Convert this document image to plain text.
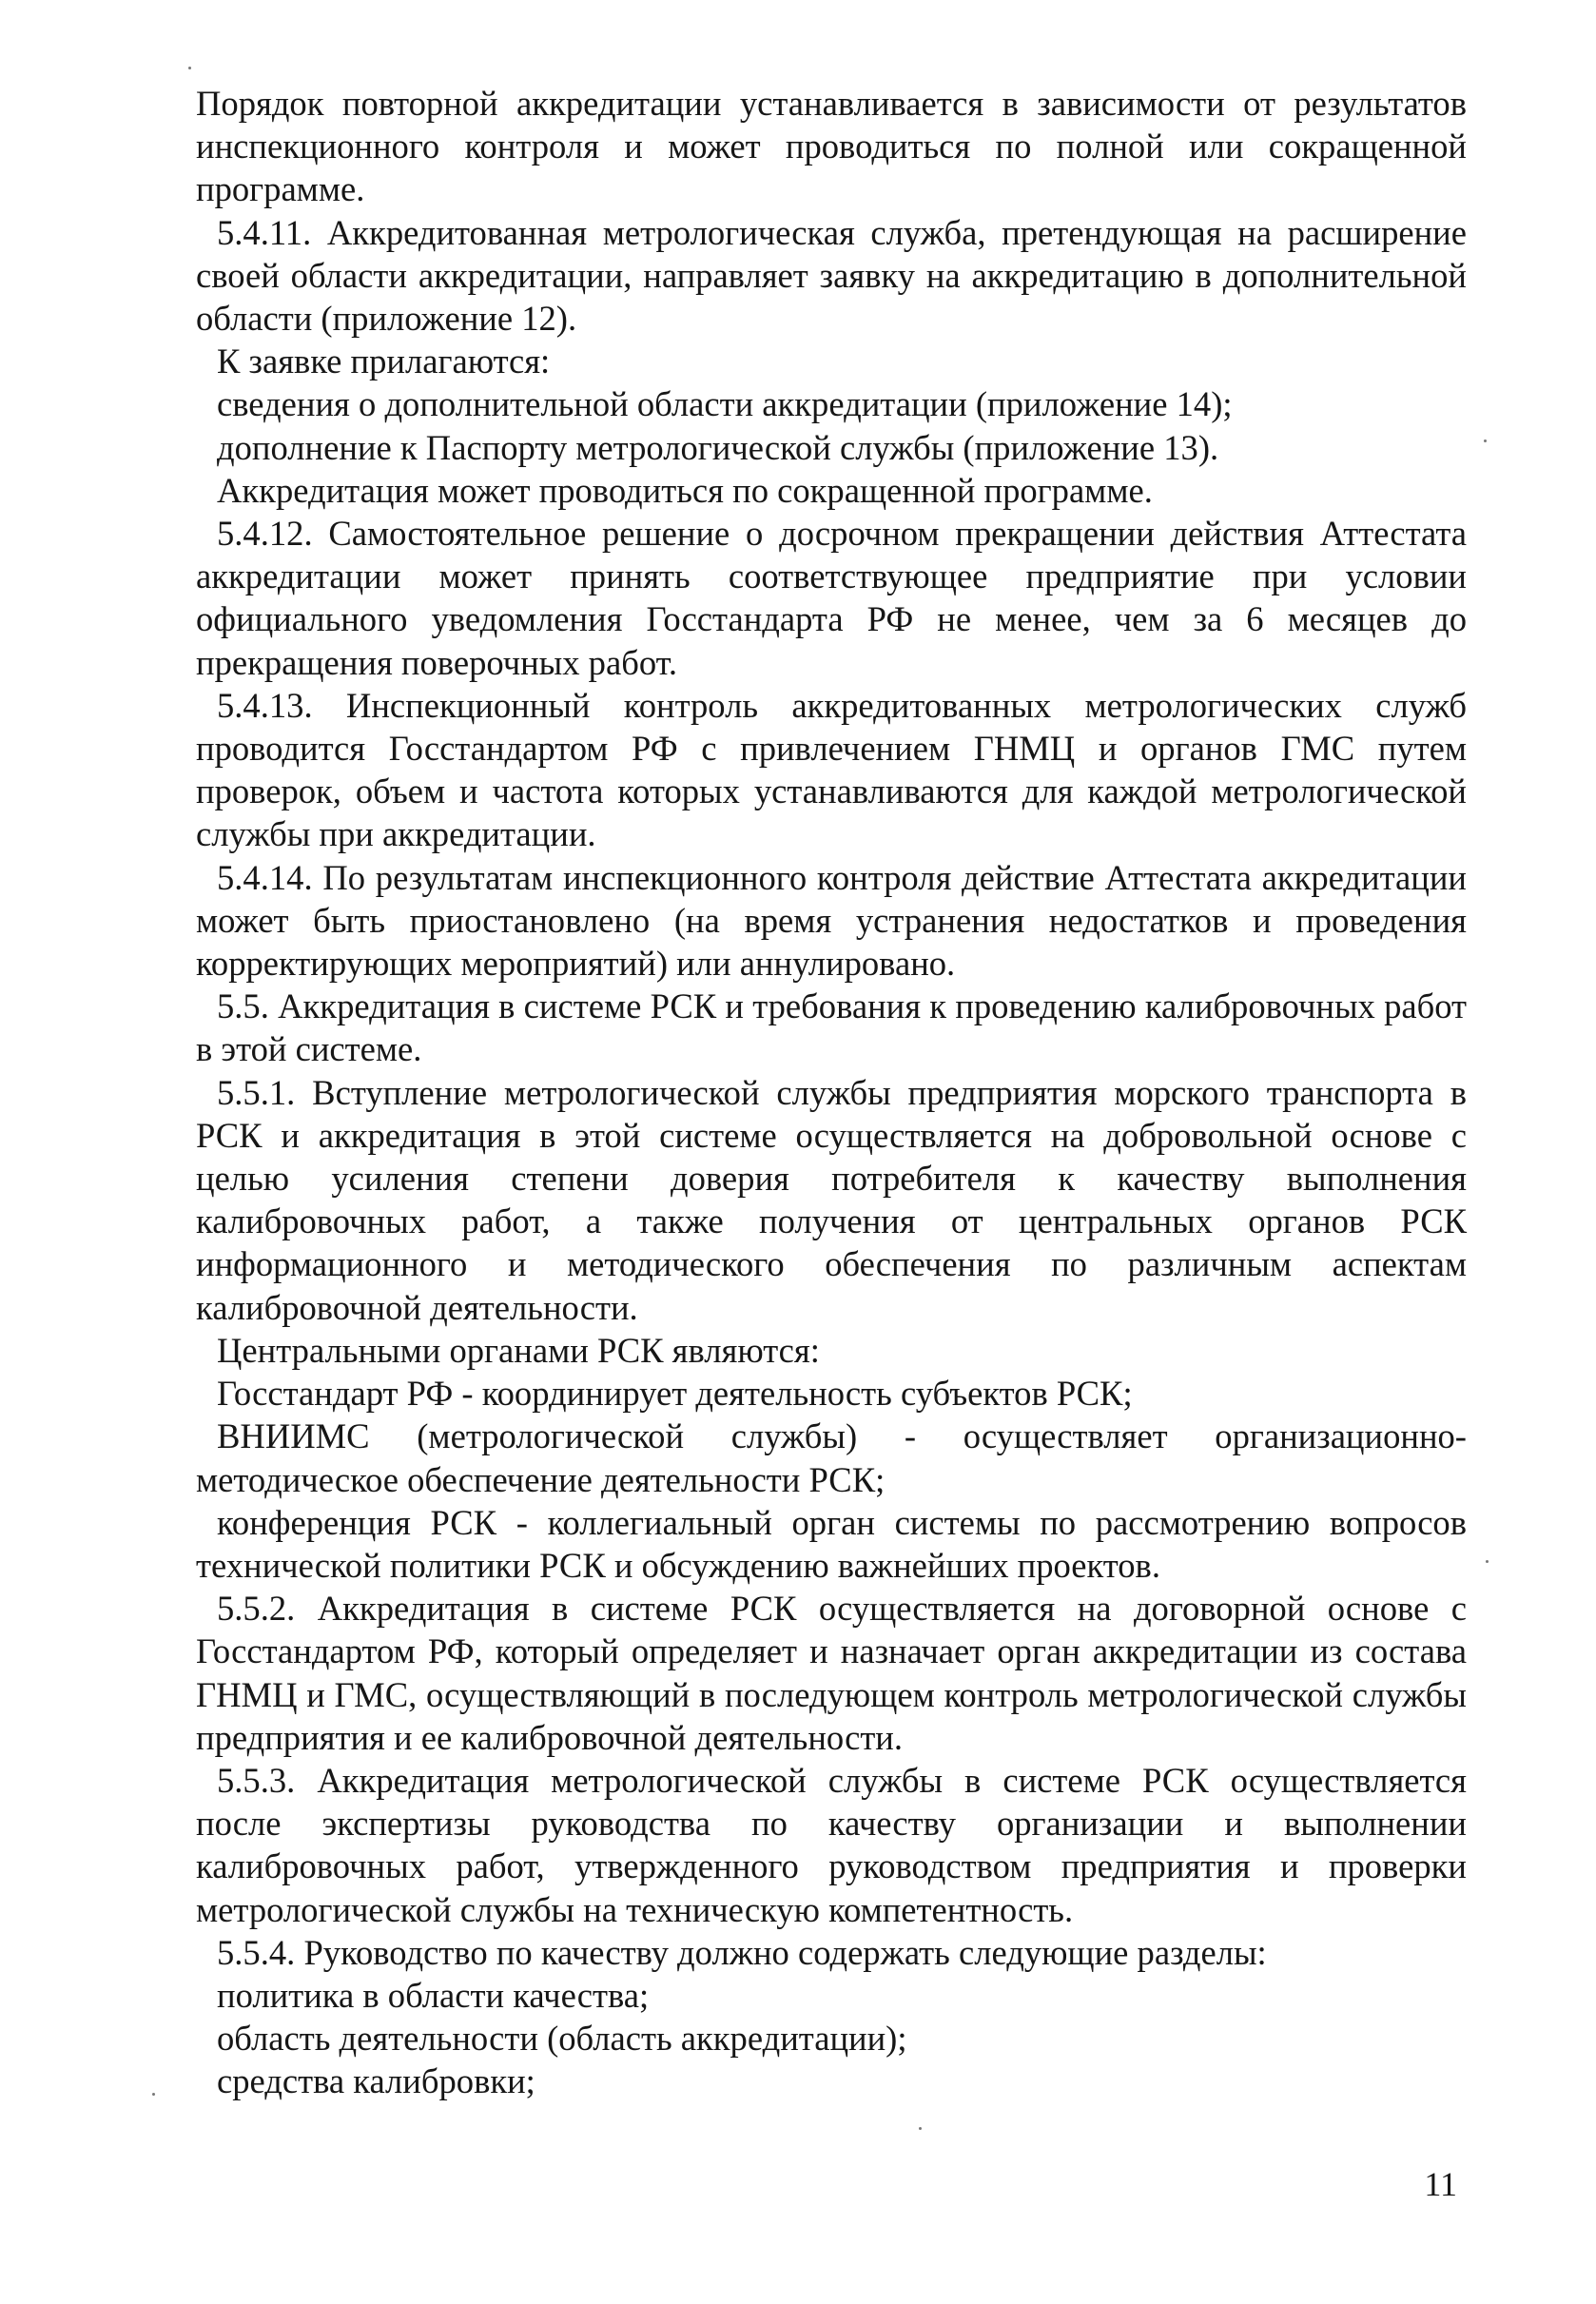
Порядок повторной аккредитации устанавливается в зависимости от результатов инспекционного контроля и может проводиться по полной или сокращенной программе.

5.4.11. Аккредитованная метрологическая служба, претендующая на расширение своей области аккредитации, направляет заявку на аккредитацию в дополнительной области (приложение 12).

К заявке прилагаются:

сведения о дополнительной области аккредитации (приложение 14);

дополнение к Паспорту метрологической службы (приложение 13).

Аккредитация может проводиться по сокращенной программе.

5.4.12. Самостоятельное решение о досрочном прекращении действия Аттестата аккредитации может принять соответствующее предприятие при условии официального уведомления Госстандарта РФ не менее, чем за 6 месяцев до прекращения поверочных работ.

5.4.13. Инспекционный контроль аккредитованных метрологических служб проводится Госстандартом РФ с привлечением ГНМЦ и органов ГМС путем проверок, объем и частота которых устанавливаются для каждой метрологической службы при аккредитации.

5.4.14. По результатам инспекционного контроля действие Аттестата аккредитации может быть приостановлено (на время устранения недостатков и проведения корректирующих мероприятий) или аннулировано.

5.5. Аккредитация в системе РСК и требования к проведению калибровочных работ в этой системе.

5.5.1. Вступление метрологической службы предприятия морского транспорта в РСК и аккредитация в этой системе осуществляется на добровольной основе с целью усиления степени доверия потребителя к качеству выполнения калибровочных работ, а также получения от центральных органов РСК информационного и методического обеспечения по различным аспектам калибровочной деятельности.

Центральными органами РСК являются:

Госстандарт РФ - координирует деятельность субъектов РСК;

ВНИИМС (метрологической службы) - осуществляет организационно-методическое обеспечение деятельности РСК;

конференция РСК - коллегиальный орган системы по рассмотрению вопросов технической политики РСК и обсуждению важнейших проектов.

5.5.2. Аккредитация в системе РСК осуществляется на договорной основе с Госстандартом РФ, который определяет и назначает орган аккредитации из состава ГНМЦ и ГМС, осуществляющий в последующем контроль метрологической службы предприятия и ее калибровочной деятельности.

5.5.3. Аккредитация метрологической службы в системе РСК осуществляется после экспертизы руководства по качеству организации и выполнении калибровочных работ, утвержденного руководством предприятия и проверки метрологической службы на техническую компетентность.

5.5.4. Руководство по качеству должно содержать следующие разделы:

политика в области качества;

область деятельности (область аккредитации);

средства калибровки;

11
